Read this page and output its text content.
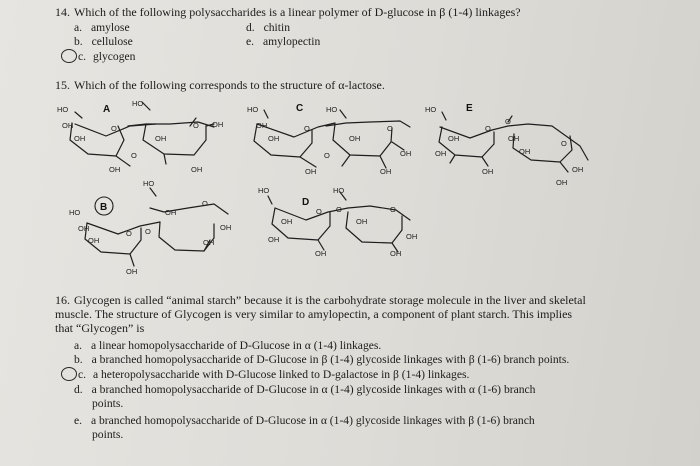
14. Which of the following polysaccharides is a linear polymer of D-glucose in β (1-4) linkages?
a. amylose
b. cellulose
c. glycogen
d. chitin
e. amylopectin
15. Which of the following corresponds to the structure of α-lactose.
A	C	E
D
B
HO
HO
HO	HO	HO
HO
HO	HO
HO
OH
OH	OH
OH
OH	OH
OH
OH	OH
OH
OH	OH
OH
OH
OH
OH
OH	OH
OH
OH
OH
OH
OH
OH
OH
OH
OH
OH
OH
OH	OH
O	O
O
O	O
O
O
O
O
O
O O
O O	O
16. Glycogen is called “animal starch” because it is the carbohydrate storage molecule in the liver and skeletal
muscle. The structure of Glycogen is very similar to amylopectin, a component of plant starch. This implies
that “Glycogen” is
a. a linear homopolysaccharide of D-Glucose in α (1-4) linkages.
b. a branched homopolysaccharide of D-Glucose in β (1-4) glycoside linkages with β (1-6) branch points.
c. a heteropolysaccharide with D-Glucose linked to D-galactose in β (1-4) linkages.
d. a branched homopolysaccharide of D-Glucose in α (1-4) glycoside linkages with α (1-6) branch
points.
e. a branched homopolysaccharide of D-Glucose in α (1-4) glycoside linkages with β (1-6) branch
points.
